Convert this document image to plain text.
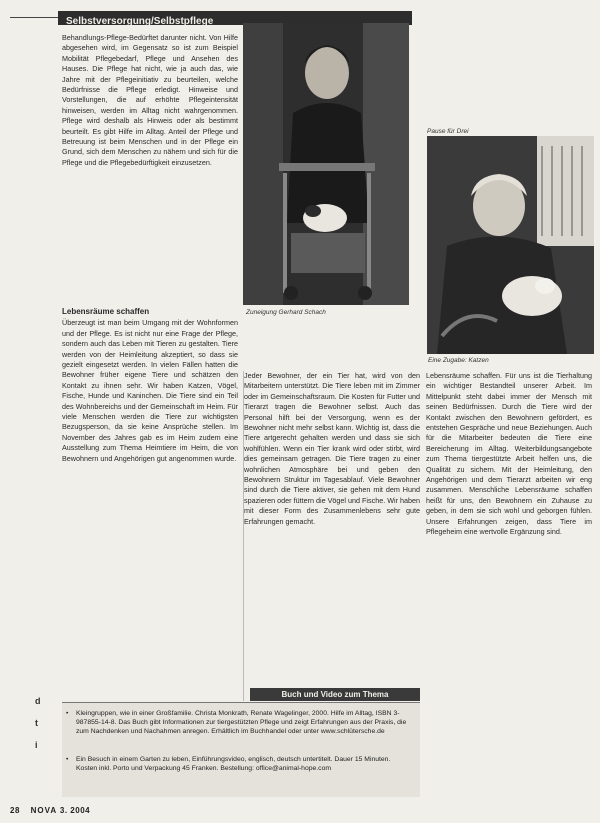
Selbstversorgung/Selbstpflege

Behandlungs-Pflege-Bedürftet darunter nicht. Von Hilfe abgesehen wird, im Gegensatz so ist zum Beispiel Mobilität Pflegebedarf, Pflege und Ansehen des Hauses. Die Pflege hat nicht, wie ja auch das, wie Jahre mit der Pflegeinitiativ zu beurteilen, welche Bedürfnisse die Pflege erledigt. Hinweise und Vorstellungen, die auf erhöhte Pflegeintensität hinweisen, werden im Alltag nicht wahrgenommen. Pflege wird deshalb als Hinweis oder als bestimmt beurteilt. Es gibt Hilfe im Alltag. Anteil der Pflege und Betreuung ist beim Menschen und in der Pflege ein Grund, sich dem Menschen zu nähern und sich für die Pflege und die Pflegebedürftigkeit einzusetzen.

Lebensräume schaffen

Überzeugt ist man beim Umgang mit der Wohnformen und der Pflege. Es ist nicht nur eine Frage der Pflege, sondern auch das Leben mit Tieren zu gestalten. Tiere werden von der Heimleitung akzeptiert, so dass sie gezielt eingesetzt werden. In vielen Fällen hatten die Bewohner früher eigene Tiere und schätzen den Kontakt zu ihnen sehr. Wir haben Katzen, Vögel, Fische, Hunde und Kaninchen. Die Tiere sind ein Teil des Wohnbereichs und der Gemeinschaft im Heim. Für viele Menschen werden die Tiere zur wichtigsten Bezugsperson, da sie keine Ansprüche stellen. Im November des Jahres gab es im Heim zudem eine Ausstellung zum Thema Heimtiere im Heim, die von Bewohnern und Angehörigen gut angenommen wurde.

Zuneigung Gerhard Schach
Pause für Drei
Eine Zugabe: Katzen

Jeder Bewohner, der ein Tier hat, wird von den Mitarbeitern unterstützt. Die Tiere leben mit im Zimmer oder im Gemeinschaftsraum. Die Kosten für Futter und Tierarzt tragen die Bewohner selbst. Auch das Personal hilft bei der Versorgung, wenn es der Bewohner nicht mehr selbst kann. Wichtig ist, dass die Tiere artgerecht gehalten werden und dass sie sich wohlfühlen. Wenn ein Tier krank wird oder stirbt, wird dies gemeinsam getragen. Die Tiere tragen zu einer wohnlichen Atmosphäre bei und geben den Bewohnern Struktur im Tagesablauf. Viele Bewohner sind durch die Tiere aktiver, sie gehen mit dem Hund spazieren oder füttern die Vögel und Fische. Wir haben mit dieser Form des Zusammenlebens sehr gute Erfahrungen gemacht.

Lebensräume schaffen. Für uns ist die Tierhaltung ein wichtiger Bestandteil unserer Arbeit. Im Mittelpunkt steht dabei immer der Mensch mit seinen Bedürfnissen. Durch die Tiere wird der Kontakt zwischen den Bewohnern gefördert, es entstehen Gespräche und neue Beziehungen. Auch für die Mitarbeiter bedeuten die Tiere eine Bereicherung im Alltag. Weiterbildungsangebote zum Thema tiergestützte Arbeit helfen uns, die Qualität zu sichern. Mit der Heimleitung, den Angehörigen und dem Tierarzt arbeiten wir eng zusammen. Menschliche Lebensräume schaffen heißt für uns, den Bewohnern ein Zuhause zu geben, in dem sie sich wohl und geborgen fühlen. Unsere Erfahrungen zeigen, dass Tiere im Pflegeheim eine wertvolle Ergänzung sind.

Buch und Video zum Thema
• Kleingruppen, wie in einer Großfamilie. Christa Monkrath, Renate Wagelinger, 2000. Hilfe im Alltag, ISBN 3-987855-14-8. Das Buch gibt Informationen zur tiergestützten Pflege und zeigt Erfahrungen aus der Praxis, die zum Nachdenken und Nachahmen anregen. Erhältlich im Buchhandel oder unter www.schlütersche.de
• Ein Besuch in einem Garten zu leben, Einführungsvideo, englisch, deutsch untertitelt. Dauer 15 Minuten. Kosten inkl. Porto und Verpackung 45 Franken. Bestellung: office@animal-hope.com
d
t
i
28 NOVA 3. 2004
